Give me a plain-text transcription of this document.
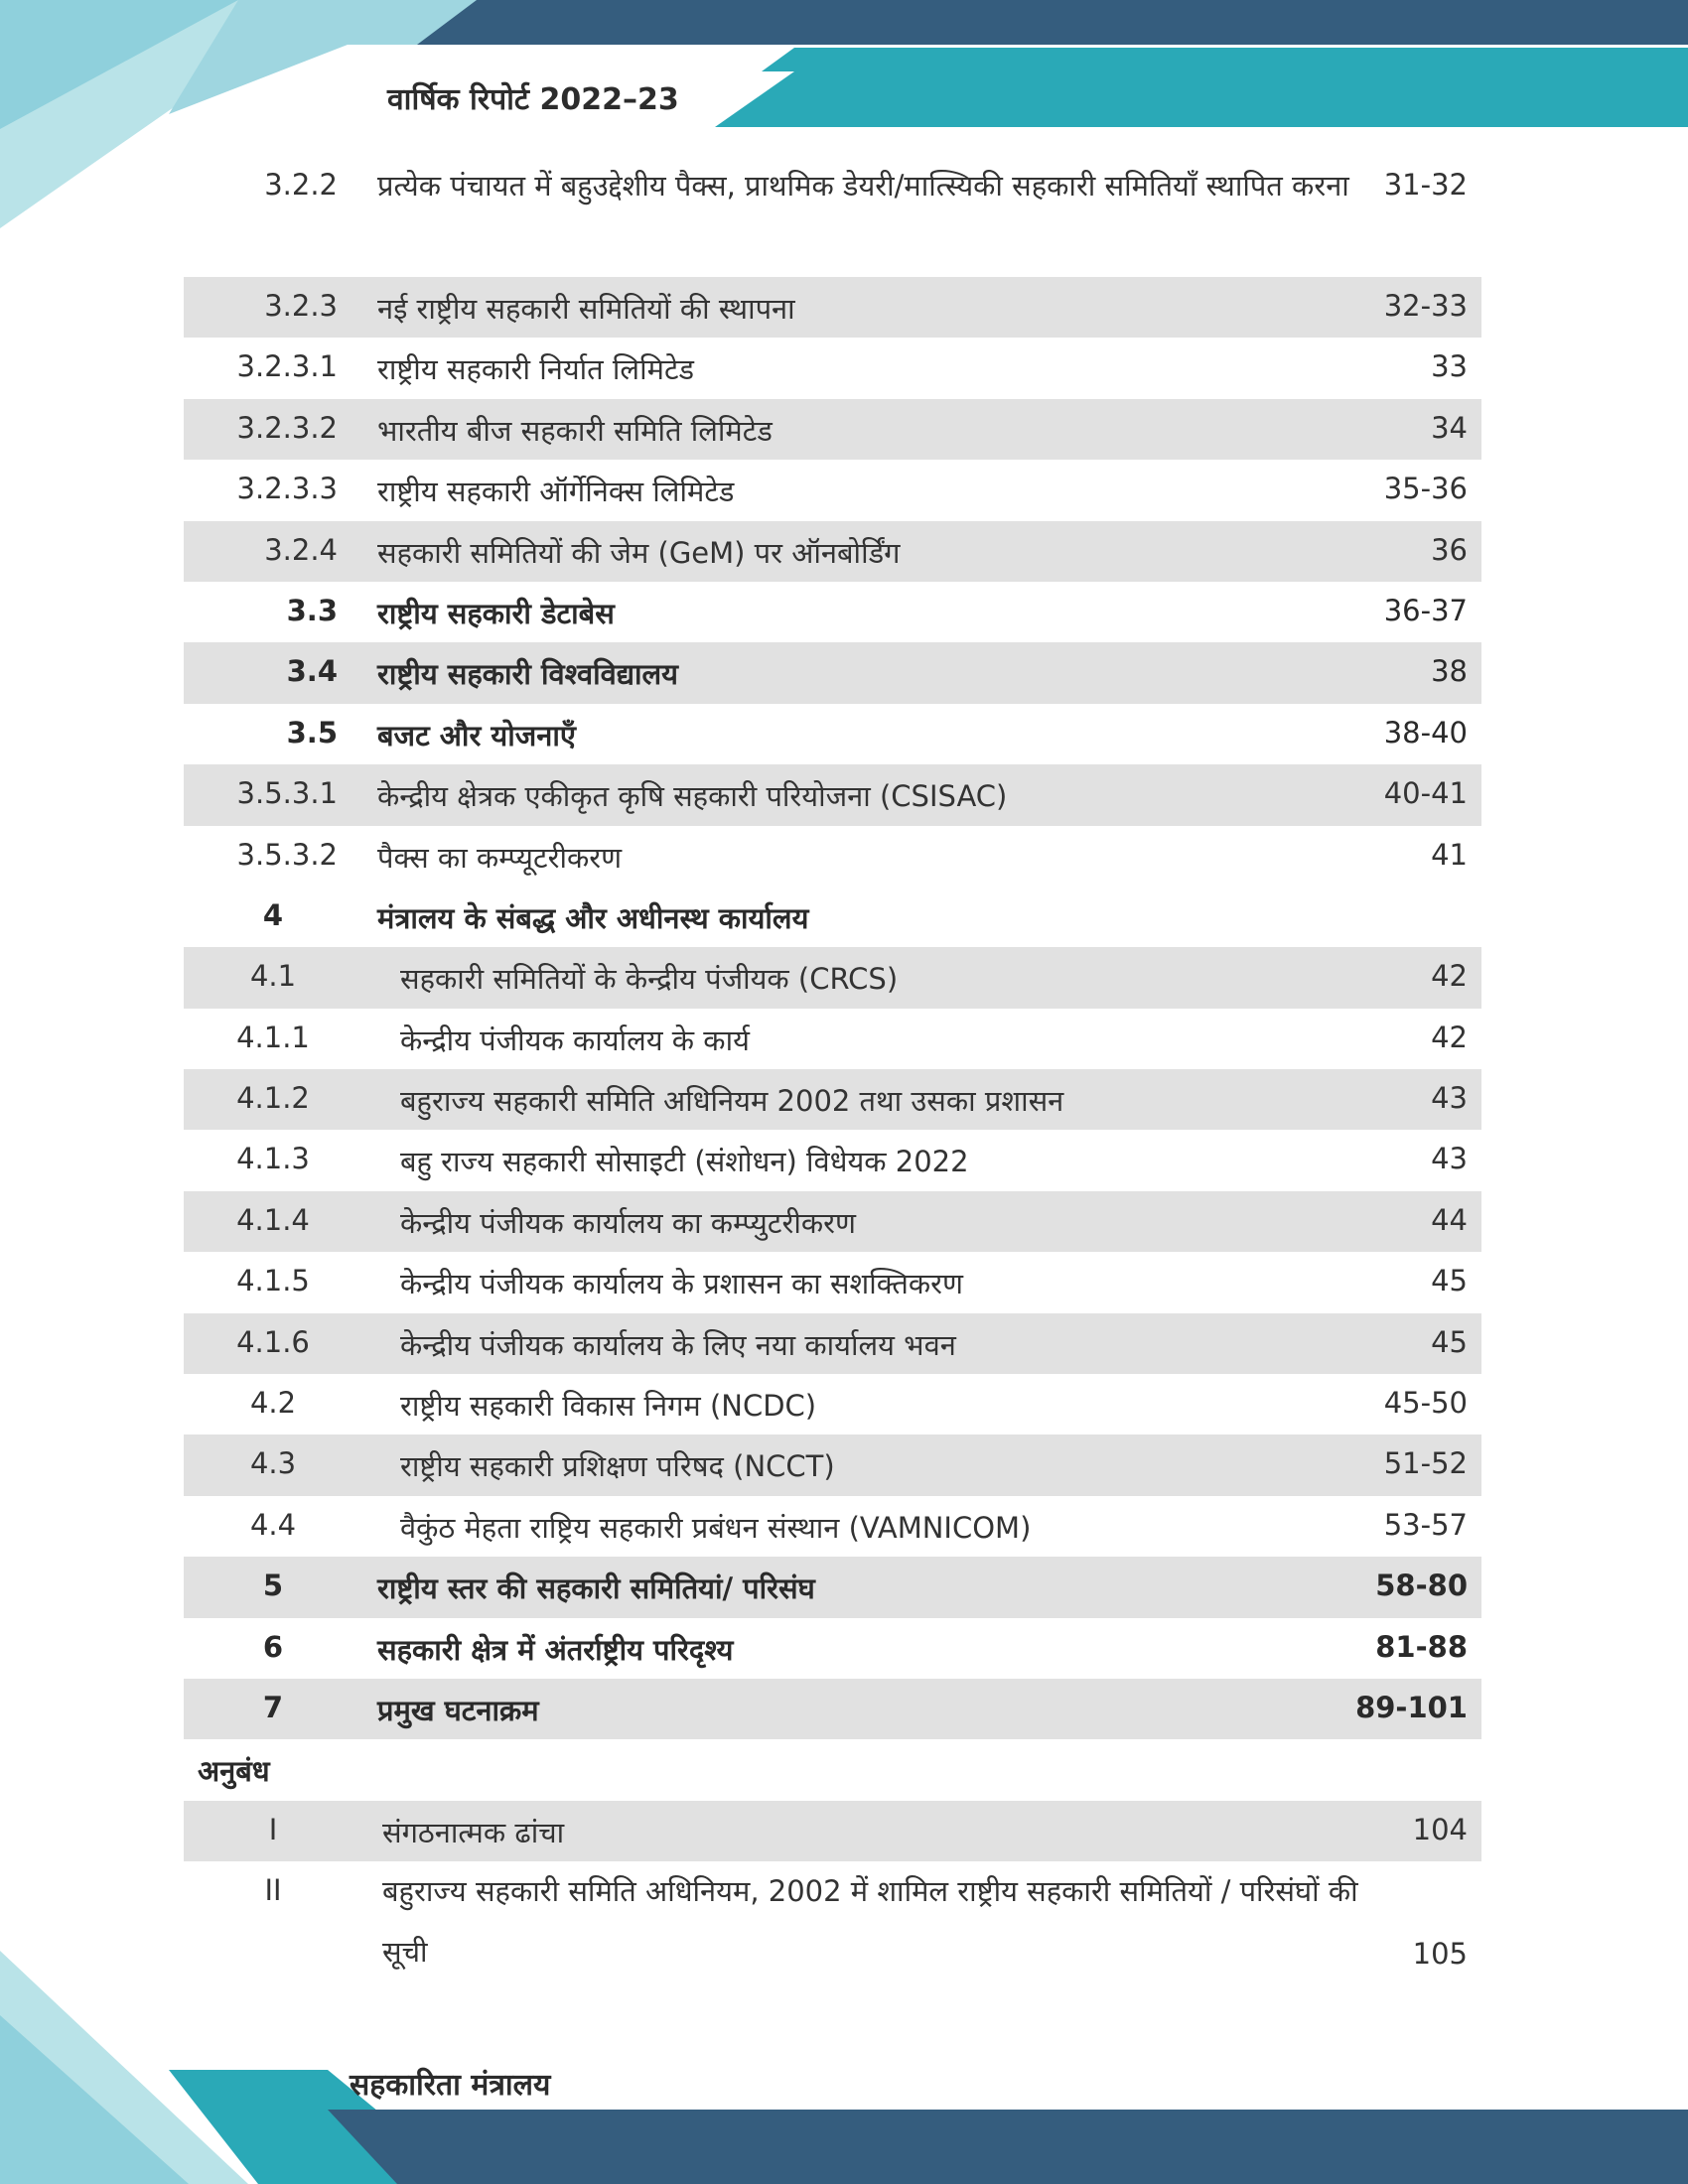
वार्षिक रिपोर्ट 2022–23
3.2.2 प्रत्येक पंचायत में बहुउद्देशीय पैक्स, प्राथमिक डेयरी/मात्स्यिकी सहकारी समितियाँ स्थापित करना	31-32
3.2.3 नई राष्ट्रीय सहकारी समितियों की स्थापना	32-33
3.2.3.1 राष्ट्रीय सहकारी निर्यात लिमिटेड	33
3.2.3.2 भारतीय बीज सहकारी समिति लिमिटेड	34
3.2.3.3 राष्ट्रीय सहकारी ऑर्गेनिक्स लिमिटेड	35-36
3.2.4 सहकारी समितियों की जेम (GeM) पर ऑनबोर्डिंग	36
3.3 राष्ट्रीय सहकारी डेटाबेस	36-37
3.4 राष्ट्रीय सहकारी विश्वविद्यालय	38
3.5 बजट और योजनाएँ	38-40
3.5.3.1 केन्द्रीय क्षेत्रक एकीकृत कृषि सहकारी परियोजना (CSISAC)	40-41
3.5.3.2 पैक्स का कम्प्यूटरीकरण	41
4	मंत्रालय के संबद्ध और अधीनस्थ कार्यालय
4.1	सहकारी समितियों के केन्द्रीय पंजीयक (CRCS)	42
4.1.1	केन्द्रीय पंजीयक कार्यालय के कार्य	42
4.1.2	बहुराज्य सहकारी समिति अधिनियम 2002 तथा उसका प्रशासन	43
4.1.3	बहु राज्य सहकारी सोसाइटी (संशोधन) विधेयक 2022	43
4.1.4	केन्द्रीय पंजीयक कार्यालय का कम्प्युटरीकरण	44
4.1.5	केन्द्रीय पंजीयक कार्यालय के प्रशासन का सशक्तिकरण	45
4.1.6	केन्द्रीय पंजीयक कार्यालय के लिए नया कार्यालय भवन	45
4.2	राष्ट्रीय सहकारी विकास निगम (NCDC)	45-50
4.3	राष्ट्रीय सहकारी प्रशिक्षण परिषद (NCCT)	51-52
4.4	वैकुंठ मेहता राष्ट्रिय सहकारी प्रबंधन संस्थान (VAMNICOM)	53-57
5	राष्ट्रीय स्तर की सहकारी समितियां/ परिसंघ	58-80
6	सहकारी क्षेत्र में अंतर्राष्ट्रीय परिदृश्य	81-88
7	प्रमुख घटनाक्रम	89-101
अनुबंध
I	संगठनात्मक ढांचा	104
II	बहुराज्य सहकारी समिति अधिनियम, 2002 में शामिल राष्ट्रीय सहकारी समितियों / परिसंघों की सूची	105
सहकारिता मंत्रालय
